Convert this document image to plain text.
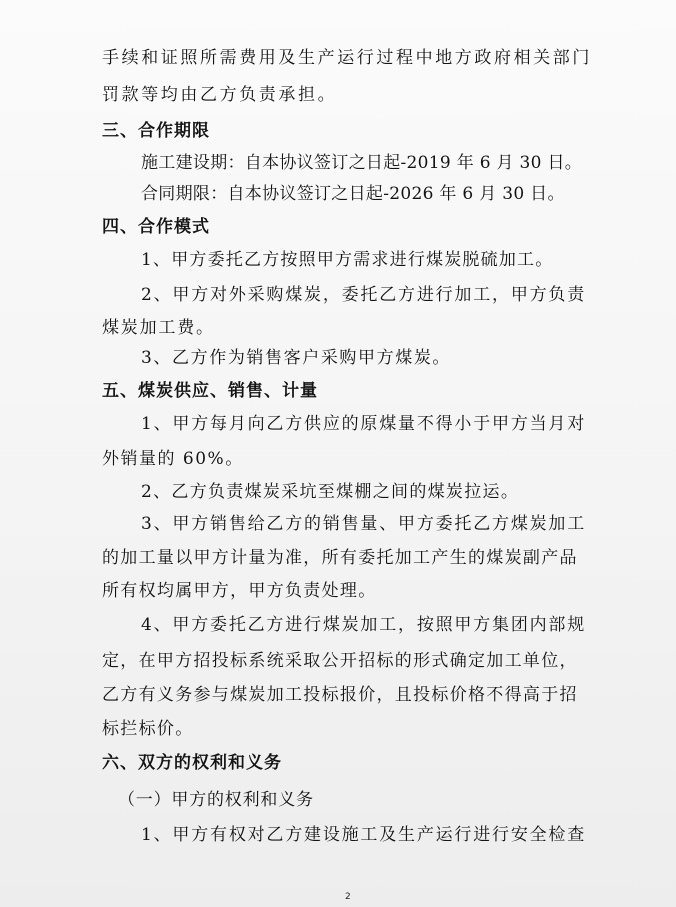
手续和证照所需费用及生产运行过程中地方政府相关部门
罚款等均由乙方负责承担。
三、合作期限
施工建设期：自本协议签订之日起-2019 年 6 月 30 日。
合同期限：自本协议签订之日起-2026 年 6 月 30 日。
四、合作模式
1、甲方委托乙方按照甲方需求进行煤炭脱硫加工。
2、甲方对外采购煤炭，委托乙方进行加工，甲方负责
煤炭加工费。
3、乙方作为销售客户采购甲方煤炭。
五、煤炭供应、销售、计量
1、甲方每月向乙方供应的原煤量不得小于甲方当月对
外销量的 60%。
2、乙方负责煤炭采坑至煤棚之间的煤炭拉运。
3、甲方销售给乙方的销售量、甲方委托乙方煤炭加工
的加工量以甲方计量为准，所有委托加工产生的煤炭副产品
所有权均属甲方，甲方负责处理。
4、甲方委托乙方进行煤炭加工，按照甲方集团内部规
定，在甲方招投标系统采取公开招标的形式确定加工单位，
乙方有义务参与煤炭加工投标报价，且投标价格不得高于招
标拦标价。
六、双方的权利和义务
（一）甲方的权利和义务
1、甲方有权对乙方建设施工及生产运行进行安全检查
2
